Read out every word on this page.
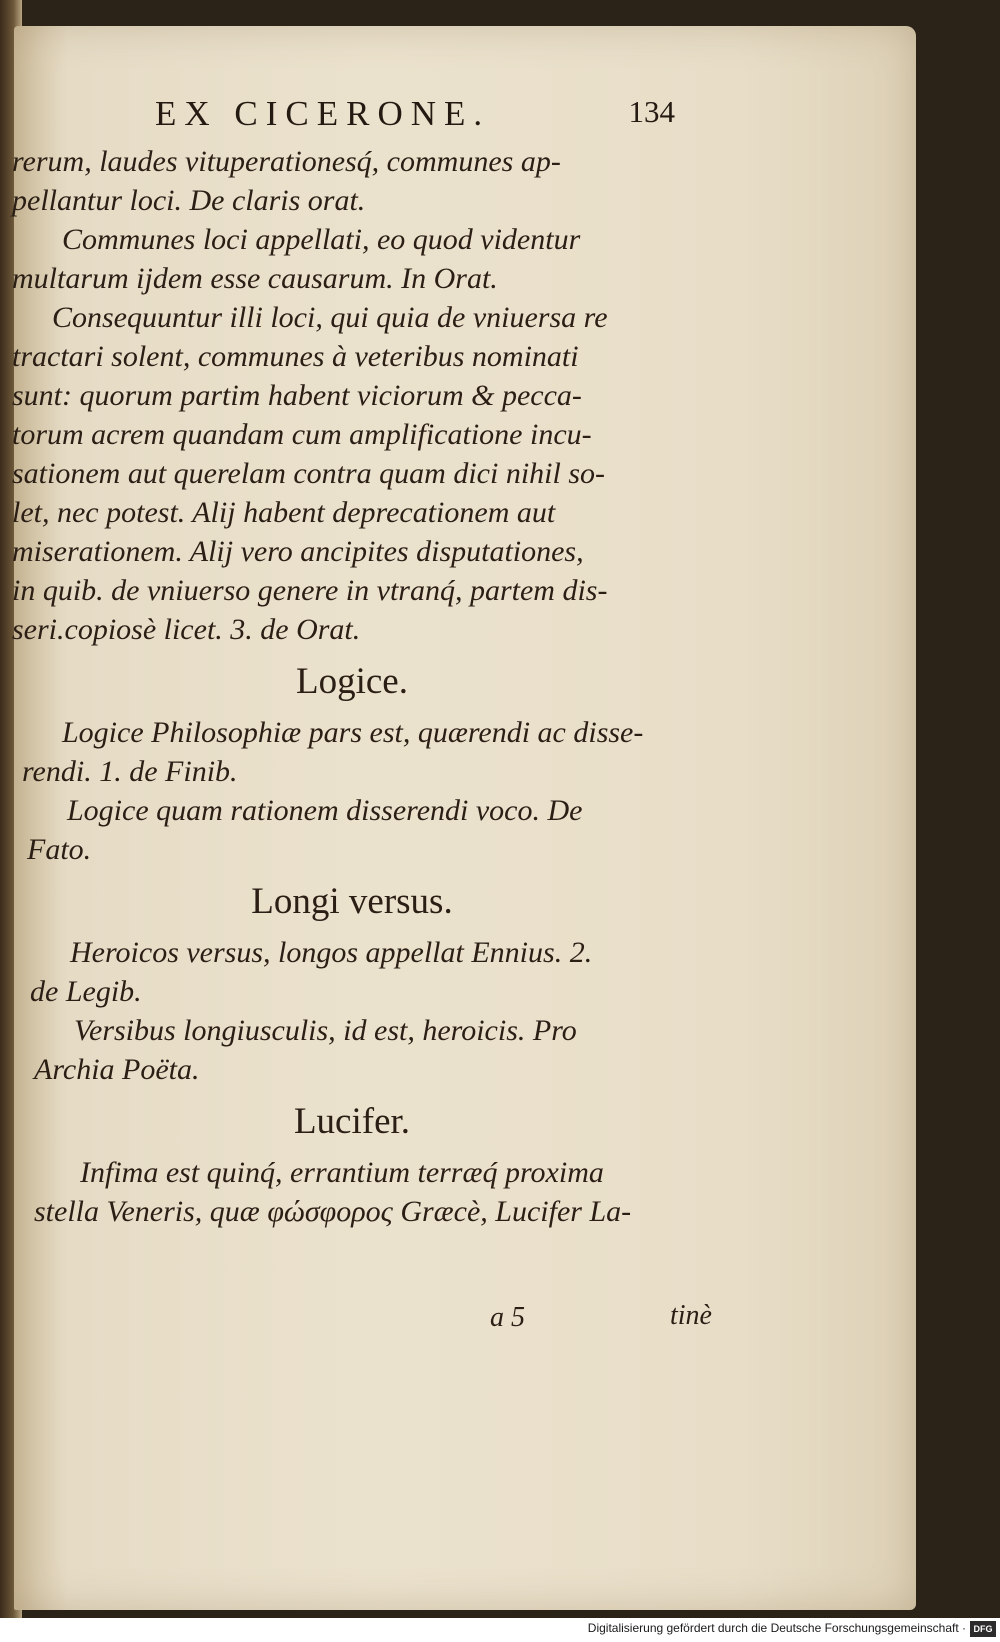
EX CICERONE.	134
rerum, laudes vituperationesq́, communes ap-
pellantur loci. De claris orat.
Communes loci appellati, eo quod videntur
multarum ijdem esse causarum. In Orat.
Consequuntur illi loci, qui quia de vniuersa re
tractari solent, communes à veteribus nominati
sunt: quorum partim habent viciorum & pecca-
torum acrem quandam cum amplificatione incu-
sationem aut querelam contra quam dici nihil so-
let, nec potest. Alij habent deprecationem aut
miserationem. Alij vero ancipites disputationes,
in quib. de vniuerso genere in vtranq́, partem dis-
seri.copiosè licet. 3. de Orat.
Logice.
Logice Philosophiæ pars est, quærendi ac disse-
rendi. 1. de Finib.
Logice quam rationem disserendi voco. De
Fato.
Longi versus.
Heroicos versus, longos appellat Ennius. 2.
de Legib.
Versibus longiusculis, id est, heroicis. Pro
Archia Poëta.
Lucifer.
Infima est quinq́, errantium terræq́ proxima
stella Veneris, quæ φώσφορος Græcè, Lucifer La-
a 5	tinè
Digitalisierung gefördert durch die Deutsche Forschungsgemeinschaft · DFG
